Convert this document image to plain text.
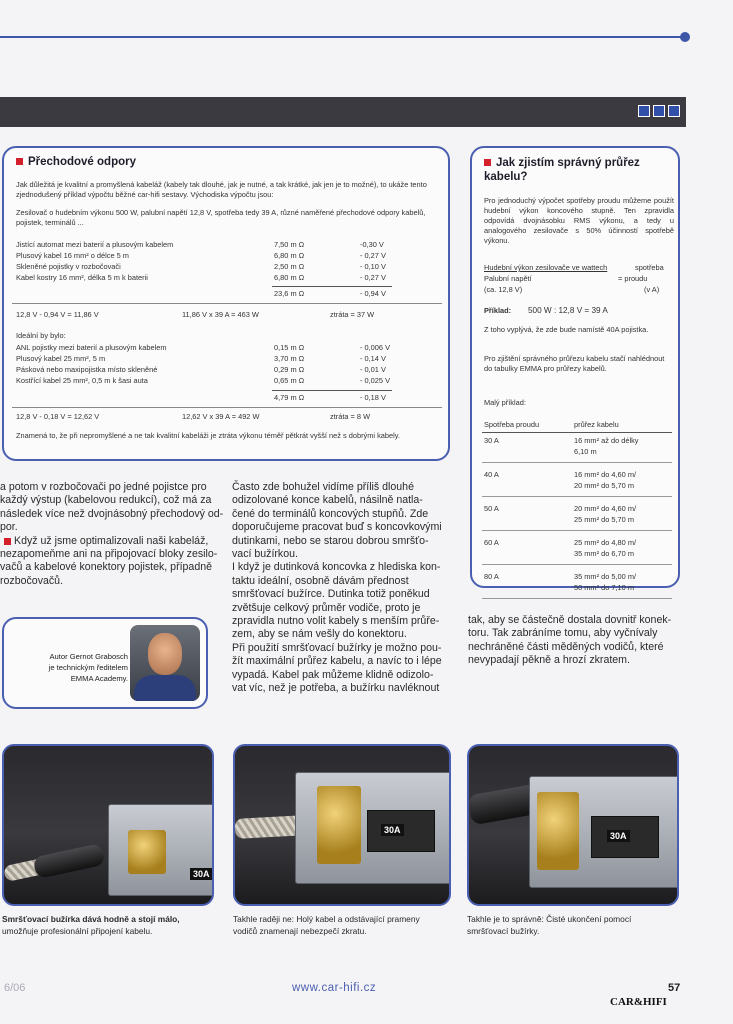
Přechodové odpory
Jak důležitá je kvalitní a promyšlená kabeláž (kabely tak dlouhé, jak je nutné, a tak krátké, jak jen je to možné), to ukáže tento zjednodušený příklad výpočtu běžné car-hifi sestavy. Východiska výpočtu jsou:
Zesilovač o hudebním výkonu 500 W, palubní napětí 12,8 V, spotřeba tedy 39 A, různé naměřené přechodové odpory kabelů, pojistek, terminálů ...
Jistící automat mezi baterií a plusovým kabelem	7,50 m Ω	-0,30 V
Plusový kabel 16 mm² o délce 5 m	6,80 m Ω	- 0,27 V
Skleněné pojistky v rozbočovači	2,50 m Ω	- 0,10 V
Kabel kostry 16 mm², délka 5 m k baterii	6,80 m Ω	- 0,27 V
23,6 m Ω	- 0,94 V
12,8 V - 0,94 V = 11,86 V	11,86 V x 39 A = 463 W	ztráta = 37 W
Ideální by bylo:
ANL pojistky mezi baterií a plusovým kabelem	0,15 m Ω	- 0,006 V
Plusový kabel 25 mm², 5 m	3,70 m Ω	- 0,14 V
Pásková nebo maxipojistka místo skleněné	0,29 m Ω	- 0,01 V
Kostřící kabel 25 mm², 0,5 m k šasi auta	0,65 m Ω	- 0,025 V
4,79 m Ω	- 0,18 V
12,8 V - 0,18 V = 12,62 V	12,62 V x 39 A = 492 W	ztráta = 8 W
Znamená to, že při nepromyšlené a ne tak kvalitní kabeláži je ztráta výkonu téměř pětkrát vyšší než s dobrými kabely.
Jak zjistím správný průřez kabelu?
Pro jednoduchý výpočet spotřeby proudu můžeme použít hudební výkon koncového stupně. Ten zpravidla odpovídá dvojnásobku RMS výkonu, a tedy u analogového zesilovače s 50% účinností spotřebě výkonu.
Hudební výkon zesilovače ve wattech
Palubní napětí
(ca. 12,8 V)
spotřeba
= proudu
(v A)
Příklad: 500 W : 12,8 V = 39 A
Z toho vyplývá, že zde bude namístě 40A pojistka.
Pro zjištění správného průřezu kabelu stačí nahlédnout do tabulky EMMA pro průřezy kabelů.
Malý příklad:
Spotřeba proudu	průřez kabelu
30 A	16 mm² až do délky
6,10 m
40 A	16 mm² do 4,60 m/
20 mm² do 5,70 m
50 A	20 mm² do 4,60 m/
25 mm² do 5,70 m
60 A	25 mm² do 4,80 m/
35 mm² do 6,70 m
80 A	35 mm² do 5,00 m/
50 mm² do 7,10 m
a potom v rozbočovači po jedné pojistce pro
každý výstup (kabelovou redukcí), což má za
následek více než dvojnásobný přechodový od-
por.
Když už jsme optimalizovali naši kabeláž,
nezapomeňme ani na připojovací bloky zesilo-
vačů a kabelové konektory pojistek, případně
rozbočovačů.
Autor Gernot Grabosch
je technickým ředitelem
EMMA Academy.
Často zde bohužel vidíme příliš dlouhé
odizolované konce kabelů, násilně natla-
čené do terminálů koncových stupňů. Zde
doporučujeme pracovat buď s koncovkovými
dutinkami, nebo se starou dobrou smršťo-
vací bužírkou.
I když je dutinková koncovka z hlediska kon-
taktu ideální, osobně dávám přednost
smršťovací bužírce. Dutinka totiž poněkud
zvětšuje celkový průměr vodiče, proto je
zpravidla nutno volit kabely s menším průře-
zem, aby se nám vešly do konektoru.
Při použití smršťovací bužírky je možno pou-
žít maximální průřez kabelu, a navíc to i lépe
vypadá. Kabel pak můžeme klidně odizolo-
vat víc, než je potřeba, a bužírku navléknout
tak, aby se částečně dostala dovnitř konek-
toru. Tak zabráníme tomu, aby vyčnívaly
nechráněné části měděných vodičů, které
nevypadají pěkně a hrozí zkratem.
30A
30A
30A
Smršťovací bužírka dává hodně a stojí málo,
umožňuje profesionální připojení kabelu.
Takhle raději ne: Holý kabel a odstávající prameny
vodičů znamenají nebezpečí zkratu.
Takhle je to správně: Čisté ukončení pomocí
smršťovací bužírky.
6/06	www.car-hifi.cz	57
CAR&HIFI
